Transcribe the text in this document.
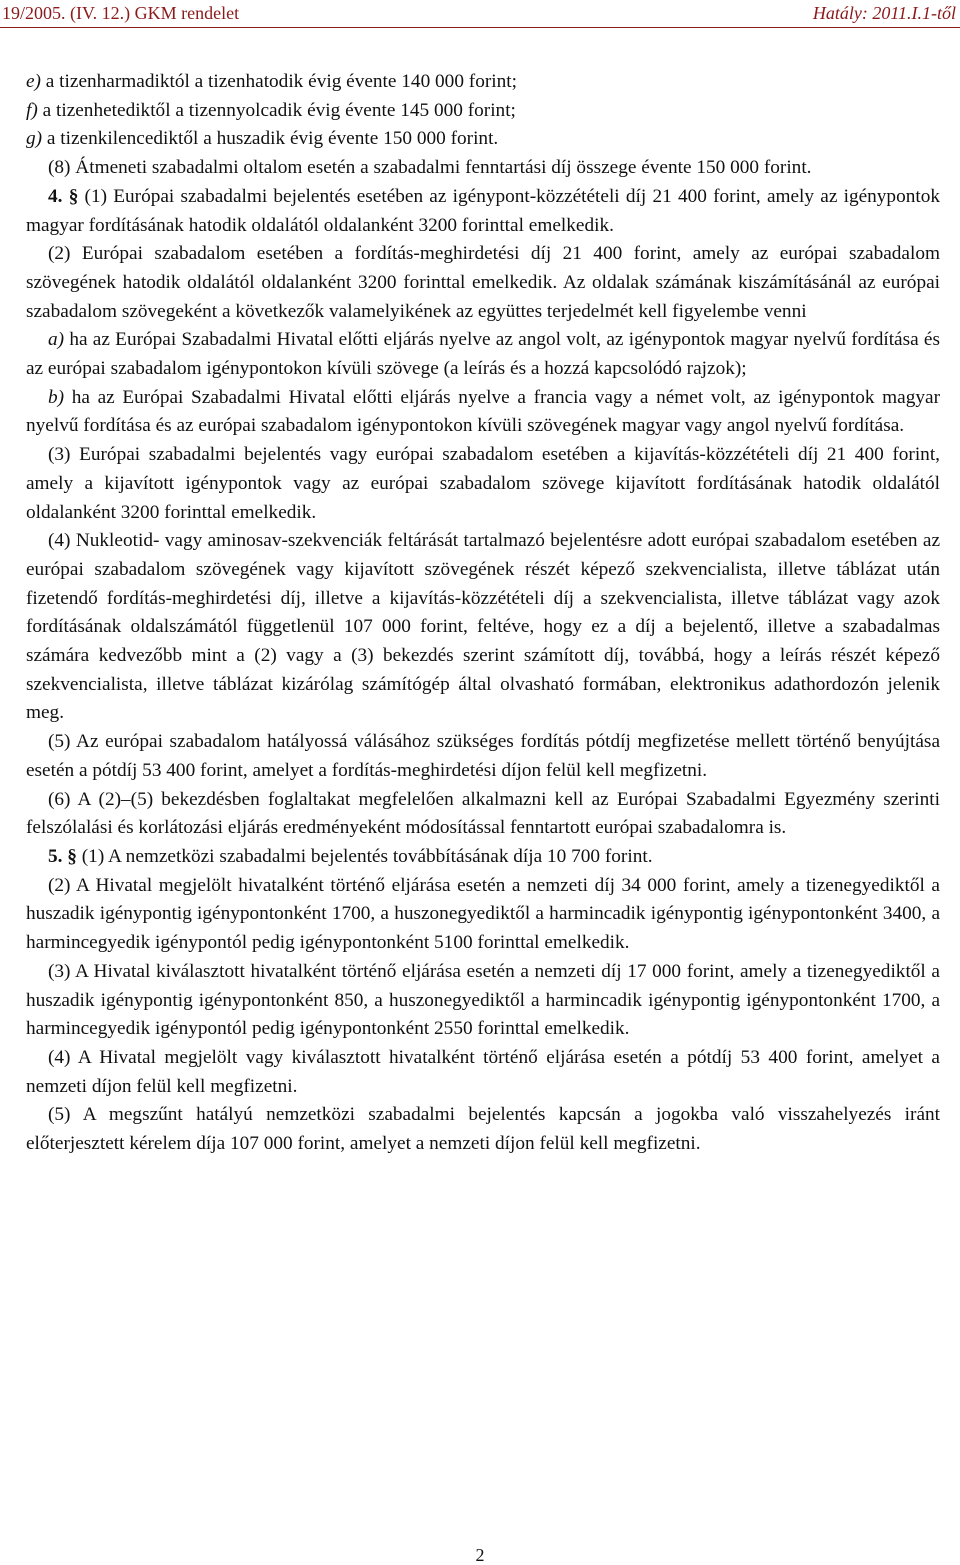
19/2005. (IV. 12.) GKM rendelet	Hatály: 2011.I.1-től

e) a tizenharmadiktól a tizenhatodik évig évente 140 000 forint;

f) a tizenhetediktől a tizennyolcadik évig évente 145 000 forint;

g) a tizenkilencediktől a huszadik évig évente 150 000 forint.

(8) Átmeneti szabadalmi oltalom esetén a szabadalmi fenntartási díj összege évente 150 000 forint.

4. § (1) Európai szabadalmi bejelentés esetében az igénypont-közzétételi díj 21 400 forint, amely az igénypontok magyar fordításának hatodik oldalától oldalanként 3200 forinttal emelkedik.

(2) Európai szabadalom esetében a fordítás-meghirdetési díj 21 400 forint, amely az európai szabadalom szövegének hatodik oldalától oldalanként 3200 forinttal emelkedik. Az oldalak számának kiszámításánál az európai szabadalom szövegeként a következők valamelyikének az együttes terjedelmét kell figyelembe venni

a) ha az Európai Szabadalmi Hivatal előtti eljárás nyelve az angol volt, az igénypontok magyar nyelvű fordítása és az európai szabadalom igénypontokon kívüli szövege (a leírás és a hozzá kapcsolódó rajzok);

b) ha az Európai Szabadalmi Hivatal előtti eljárás nyelve a francia vagy a német volt, az igénypontok magyar nyelvű fordítása és az európai szabadalom igénypontokon kívüli szövegének magyar vagy angol nyelvű fordítása.

(3) Európai szabadalmi bejelentés vagy európai szabadalom esetében a kijavítás-közzétételi díj 21 400 forint, amely a kijavított igénypontok vagy az európai szabadalom szövege kijavított fordításának hatodik oldalától oldalanként 3200 forinttal emelkedik.

(4) Nukleotid- vagy aminosav-szekvenciák feltárását tartalmazó bejelentésre adott európai szabadalom esetében az európai szabadalom szövegének vagy kijavított szövegének részét képező szekvencialista, illetve táblázat után fizetendő fordítás-meghirdetési díj, illetve a kijavítás-közzétételi díj a szekvencialista, illetve táblázat vagy azok fordításának oldalszámától függetlenül 107 000 forint, feltéve, hogy ez a díj a bejelentő, illetve a szabadalmas számára kedvezőbb mint a (2) vagy a (3) bekezdés szerint számított díj, továbbá, hogy a leírás részét képező szekvencialista, illetve táblázat kizárólag számítógép által olvasható formában, elektronikus adathordozón jelenik meg.

(5) Az európai szabadalom hatályossá válásához szükséges fordítás pótdíj megfizetése mellett történő benyújtása esetén a pótdíj 53 400 forint, amelyet a fordítás-meghirdetési díjon felül kell megfizetni.

(6) A (2)–(5) bekezdésben foglaltakat megfelelően alkalmazni kell az Európai Szabadalmi Egyezmény szerinti felszólalási és korlátozási eljárás eredményeként módosítással fenntartott európai szabadalomra is.

5. § (1) A nemzetközi szabadalmi bejelentés továbbításának díja 10 700 forint.

(2) A Hivatal megjelölt hivatalként történő eljárása esetén a nemzeti díj 34 000 forint, amely a tizenegyediktől a huszadik igénypontig igénypontonként 1700, a huszonegyediktől a harmincadik igénypontig igénypontonként 3400, a harmincegyedik igénypontól pedig igénypontonként 5100 forinttal emelkedik.

(3) A Hivatal kiválasztott hivatalként történő eljárása esetén a nemzeti díj 17 000 forint, amely a tizenegyediktől a huszadik igénypontig igénypontonként 850, a huszonegyediktől a harmincadik igénypontig igénypontonként 1700, a harmincegyedik igénypontól pedig igénypontonként 2550 forinttal emelkedik.

(4) A Hivatal megjelölt vagy kiválasztott hivatalként történő eljárása esetén a pótdíj 53 400 forint, amelyet a nemzeti díjon felül kell megfizetni.

(5) A megszűnt hatályú nemzetközi szabadalmi bejelentés kapcsán a jogokba való visszahelyezés iránt előterjesztett kérelem díja 107 000 forint, amelyet a nemzeti díjon felül kell megfizetni.

2
